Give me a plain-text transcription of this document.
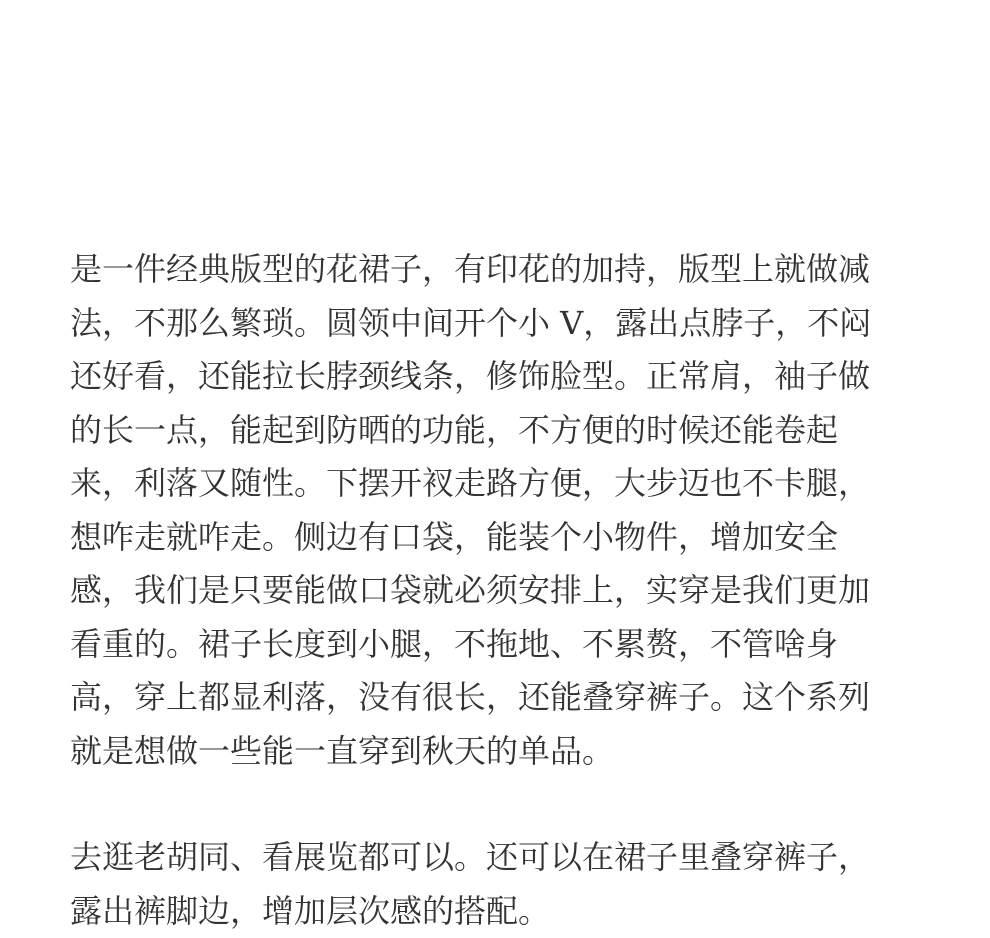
是一件经典版型的花裙子，有印花的加持，版型上就做减
法，不那么繁琐。圆领中间开个小 V，露出点脖子，不闷
还好看，还能拉长脖颈线条，修饰脸型。正常肩，袖子做
的长一点，能起到防晒的功能，不方便的时候还能卷起
来，利落又随性。下摆开衩走路方便，大步迈也不卡腿，
想咋走就咋走。侧边有口袋，能装个小物件，增加安全
感，我们是只要能做口袋就必须安排上，实穿是我们更加
看重的。裙子长度到小腿，不拖地、不累赘，不管啥身
高，穿上都显利落，没有很长，还能叠穿裤子。这个系列
就是想做一些能一直穿到秋天的单品。

去逛老胡同、看展览都可以。还可以在裙子里叠穿裤子，
露出裤脚边，增加层次感的搭配。
